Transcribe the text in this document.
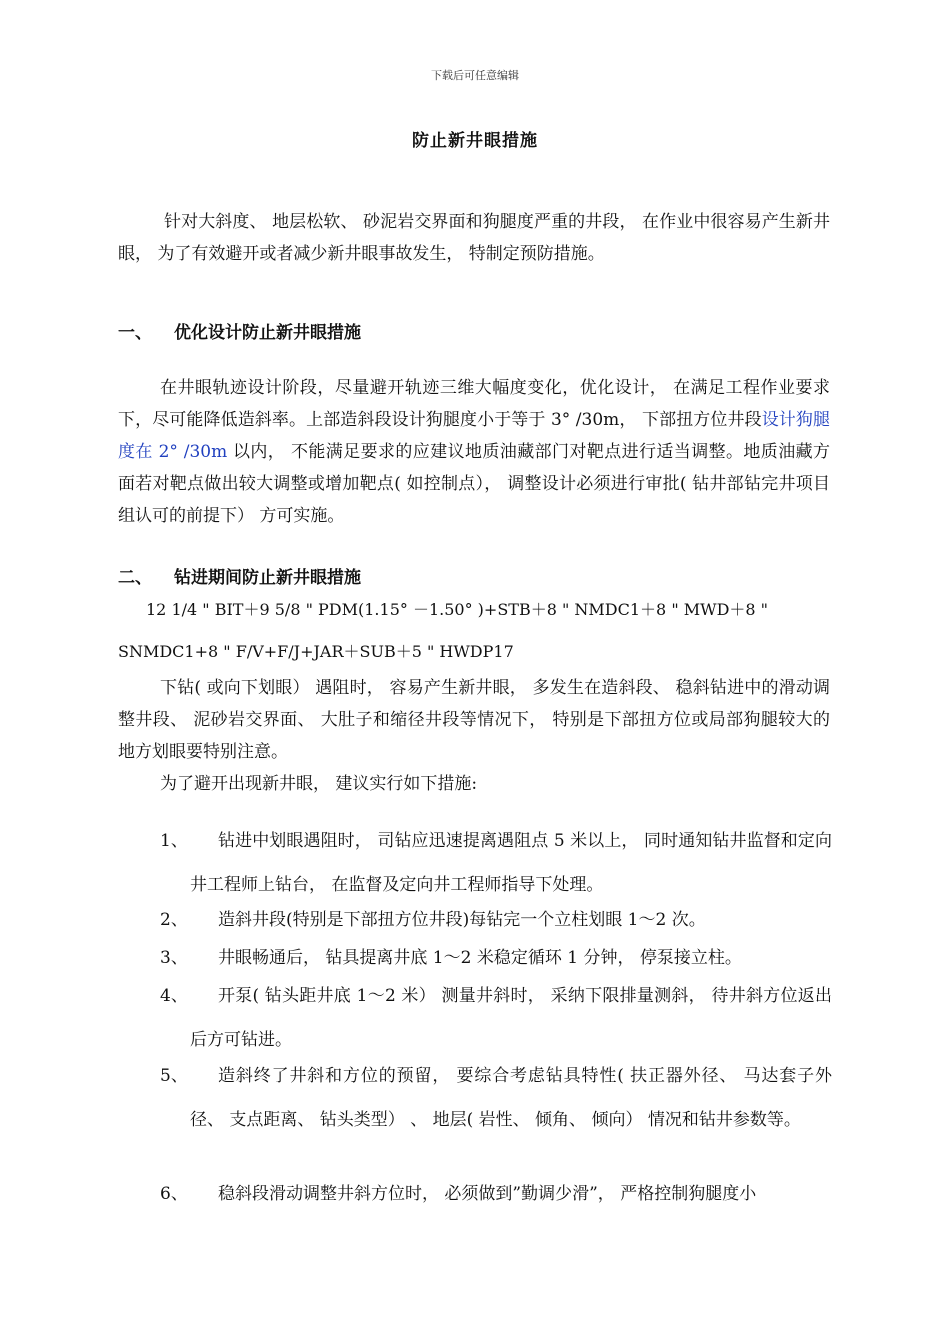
下载后可任意编辑
防止新井眼措施
针对大斜度、 地层松软、 砂泥岩交界面和狗腿度严重的井段， 在作业中很容易产生新井眼， 为了有效避开或者减少新井眼事故发生， 特制定预防措施。
一、 优化设计防止新井眼措施
在井眼轨迹设计阶段，尽量避开轨迹三维大幅度变化，优化设计， 在满足工程作业要求下，尽可能降低造斜率。上部造斜段设计狗腿度小于等于 3° /30m， 下部扭方位井段设计狗腿度在 2° /30m 以内， 不能满足要求的应建议地质油藏部门对靶点进行适当调整。地质油藏方面若对靶点做出较大调整或增加靶点( 如控制点）， 调整设计必须进行审批( 钻井部钻完井项目组认可的前提下） 方可实施。
二、 钻进期间防止新井眼措施
12 1/4 " BIT＋9 5/8 " PDM(1.15° －1.50° )+STB＋8 " NMDC1＋8 " MWD＋8 "
SNMDC1+8 " F/V+F/J+JAR＋SUB＋5 " HWDP17
下钻( 或向下划眼） 遇阻时， 容易产生新井眼， 多发生在造斜段、 稳斜钻进中的滑动调整井段、 泥砂岩交界面、 大肚子和缩径井段等情况下， 特别是下部扭方位或局部狗腿较大的地方划眼要特别注意。
为了避开出现新井眼， 建议实行如下措施:
1、	钻进中划眼遇阻时， 司钻应迅速提离遇阻点 5 米以上， 同时通知钻井监督和定向井工程师上钻台， 在监督及定向井工程师指导下处理。
2、	造斜井段(特别是下部扭方位井段)每钻完一个立柱划眼 1～2 次。
3、	井眼畅通后， 钻具提离井底 1～2 米稳定循环 1 分钟， 停泵接立柱。
4、	开泵( 钻头距井底 1～2 米） 测量井斜时， 采纳下限排量测斜， 待井斜方位返出后方可钻进。
5、	造斜终了井斜和方位的预留， 要综合考虑钻具特性( 扶正器外径、 马达套子外径、 支点距离、 钻头类型） 、 地层( 岩性、 倾角、 倾向） 情况和钻井参数等。
6、	稳斜段滑动调整井斜方位时， 必须做到”勤调少滑”， 严格控制狗腿度小
